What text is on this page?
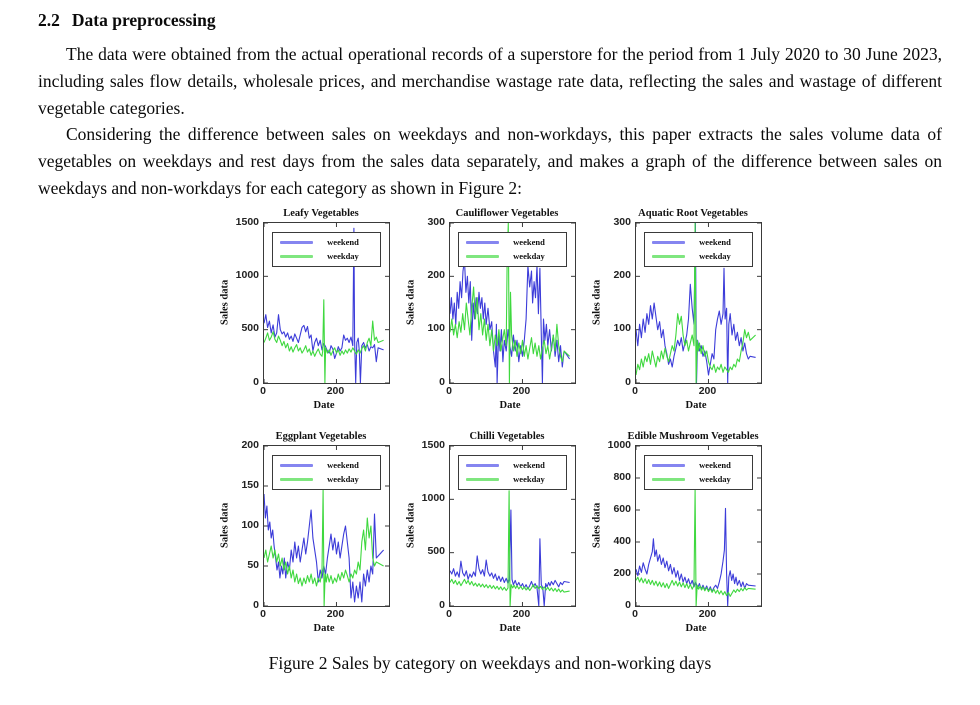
2.2 Data preprocessing

The data were obtained from the actual operational records of a superstore for the period from 1 July 2020 to 30 June 2023, including sales flow details, wholesale prices, and merchandise wastage rate data, reflecting the sales and wastage of different vegetable categories.

Considering the difference between sales on weekdays and non-workdays, this paper extracts the sales volume data of vegetables on weekdays and rest days from the sales data separately, and makes a graph of the difference between sales on weekdays and non-workdays for each category as shown in Figure 2:

Leafy Vegetables
Sales data
0
500
1000
1500
weekend
weekday
0	200
Date
Cauliflower Vegetables
Sales data
0
100
200
300
weekend
weekday
0	200
Date
Aquatic Root Vegetables
Sales data
0
100
200
300
weekend
weekday
0	200
Date
Eggplant Vegetables
Sales data
0
50
100
150
200
weekend
weekday
0	200
Date
Chilli Vegetables
Sales data
0
500
1000
1500
weekend
weekday
0	200
Date
Edible Mushroom Vegetables
Sales data
0
200
400
600
800
1000
weekend
weekday
0	200
Date
Figure 2 Sales by category on weekdays and non-working days
